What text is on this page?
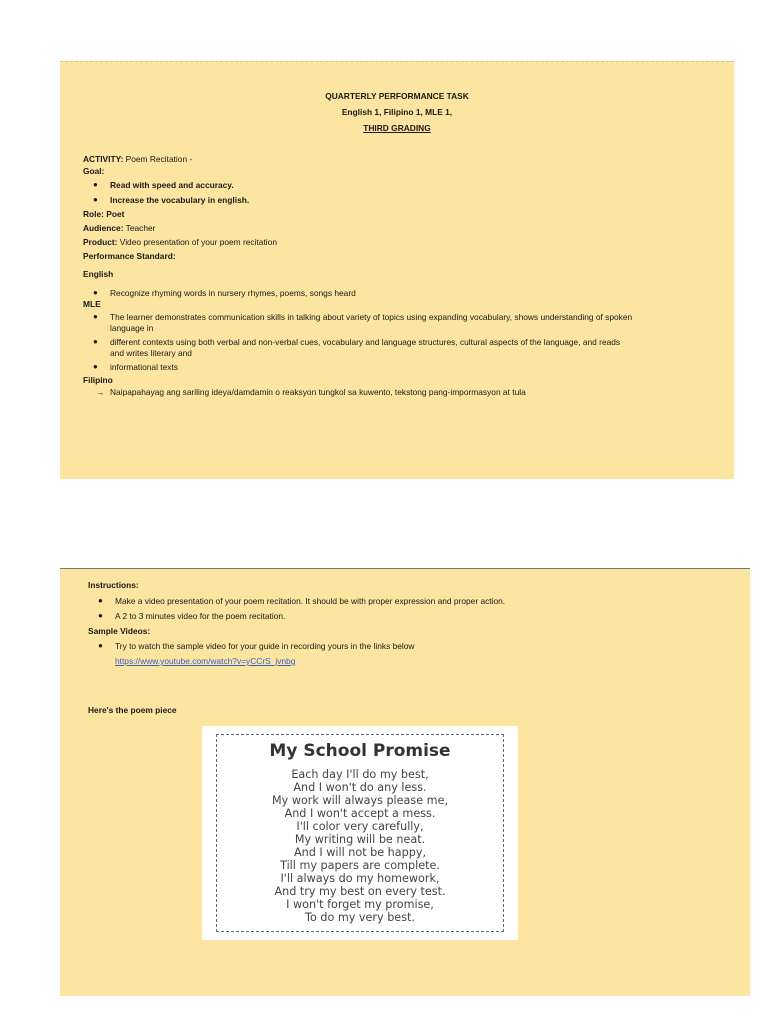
QUARTERLY PERFORMANCE TASK
English 1, Filipino 1, MLE 1,
THIRD GRADING
ACTIVITY: Poem Recitation -
Goal:
● Read with speed and accuracy.
● Increase the vocabulary in english.
Role: Poet
Audience: Teacher
Product: Video presentation of your poem recitation
Performance Standard:
English
● Recognize rhyming words in nursery rhymes, poems, songs heard
MLE
● The learner demonstrates communication skills in talking about variety of topics using expanding vocabulary, shows understanding of spoken
language in
● different contexts using both verbal and non-verbal cues, vocabulary and language structures, cultural aspects of the language, and reads
and writes literary and
● informational texts
Filipino
→ Naipapahayag ang sariling ideya/damdamin o reaksyon tungkol sa kuwento, tekstong pang-impormasyon at tula
Instructions:
● Make a video presentation of your poem recitation. It should be with proper expression and proper action.
● A 2 to 3 minutes video for the poem recitation.
Sample Videos:
● Try to watch the sample video for your guide in recording yours in the links below
https://www.youtube.com/watch?v=yCCrS_jvnbg
Here's the poem piece
My School Promise
Each day I'll do my best,
And I won't do any less.
My work will always please me,
And I won't accept a mess.
I'll color very carefully,
My writing will be neat.
And I will not be happy,
Till my papers are complete.
I'll always do my homework,
And try my best on every test.
I won't forget my promise,
To do my very best.
